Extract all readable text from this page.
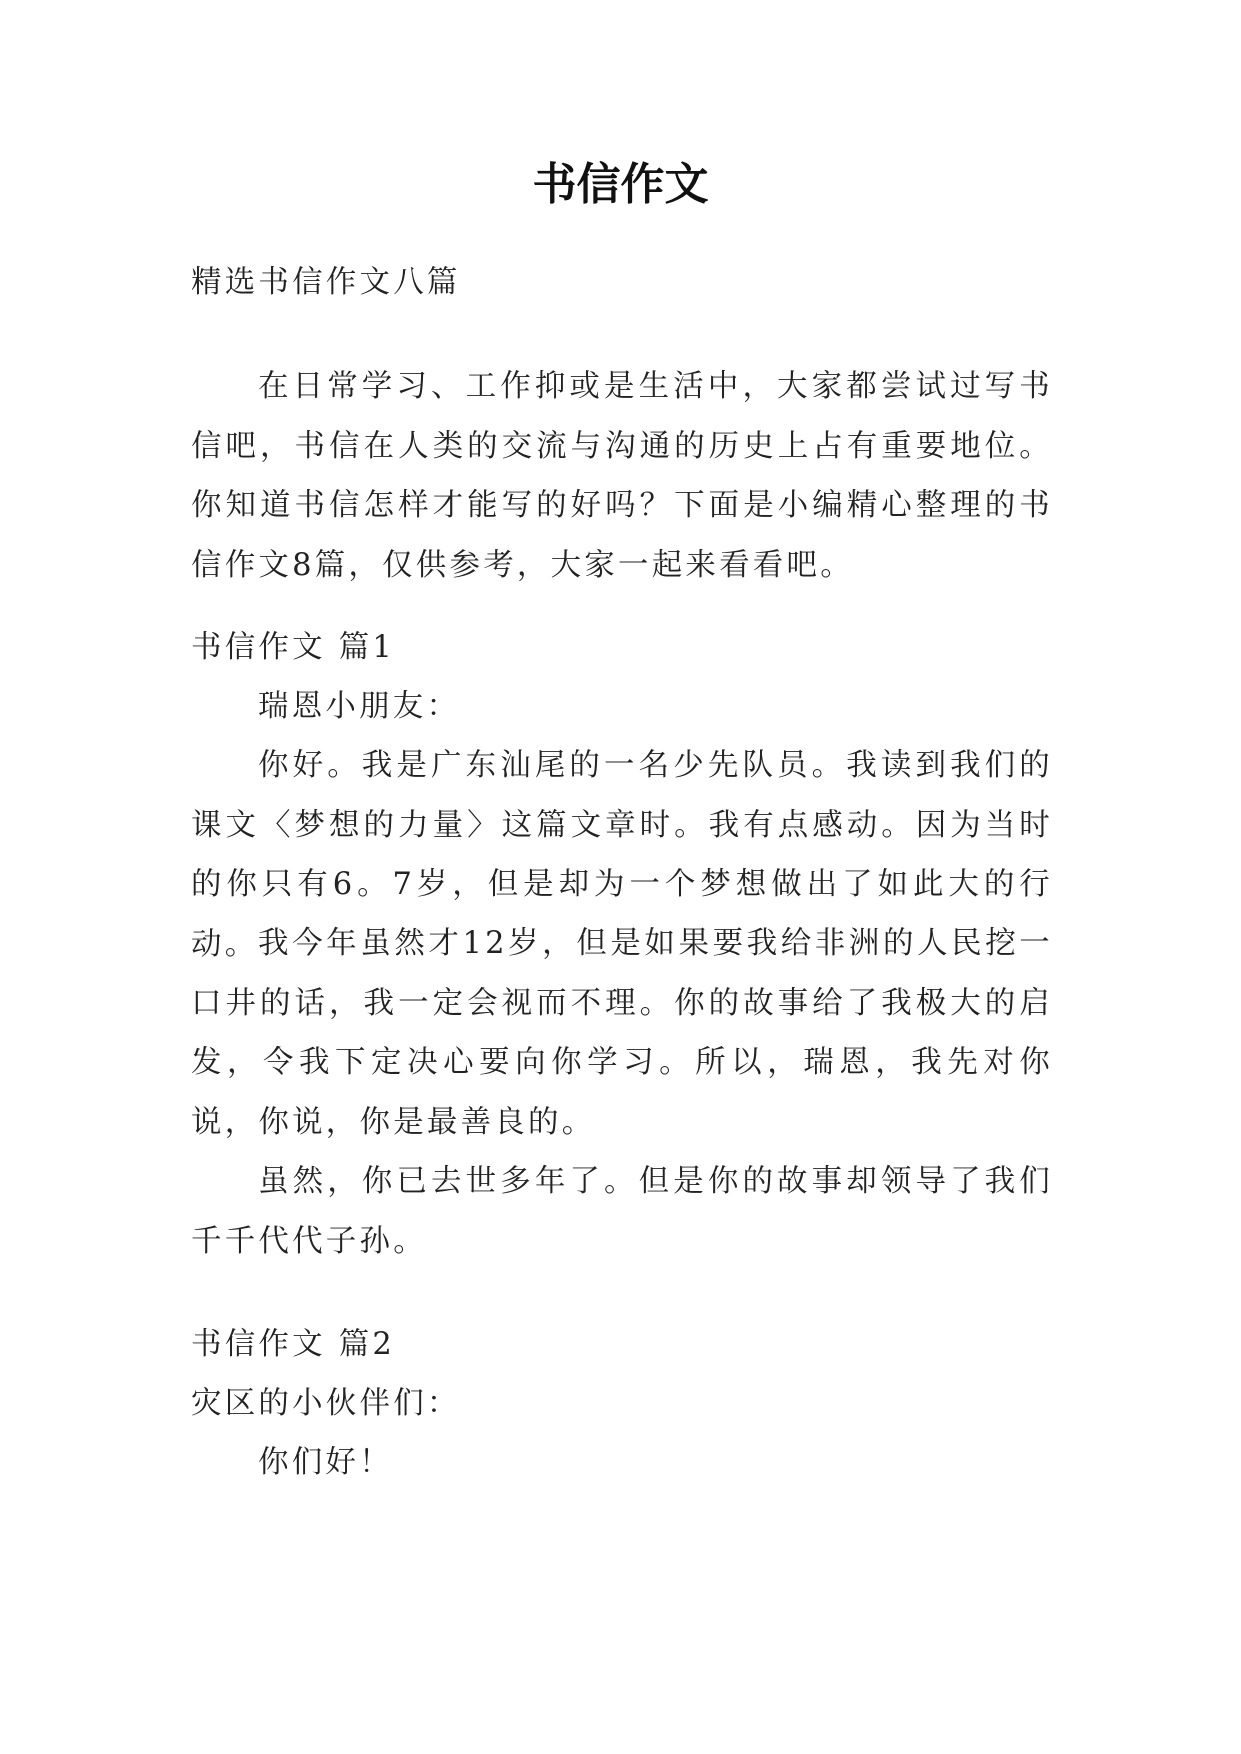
书信作文
精选书信作文八篇
在日常学习、工作抑或是生活中，大家都尝试过写书信吧，书信在人类的交流与沟通的历史上占有重要地位。你知道书信怎样才能写的好吗？下面是小编精心整理的书信作文8篇，仅供参考，大家一起来看看吧。
书信作文 篇1
瑞恩小朋友：
你好。我是广东汕尾的一名少先队员。我读到我们的课文〈梦想的力量〉这篇文章时。我有点感动。因为当时的你只有6。7岁，但是却为一个梦想做出了如此大的行动。 我今年虽然才12岁，但是如果要我给非洲的人民挖一口井的话，我一定会视而不理。你的故事给了我极大的启发，令我下定决心要向你学习。所以，瑞恩，我先对你说，你说，你是最善良的。
虽然，你已去世多年了。但是你的故事却领导了我们千千代代子孙。
书信作文 篇2
灾区的小伙伴们：
你们好！
